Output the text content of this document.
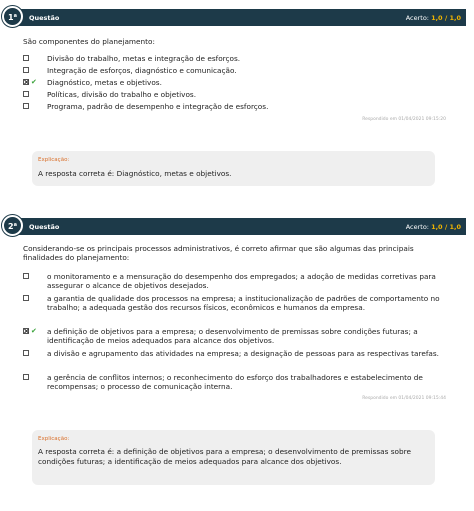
Questão	Acerto: 1,0 / 1,0
1$^a$
São componentes do planejamento:
Divisão do trabalho, metas e integração de esforços.
Integração de esforços, diagnóstico e comunicação.
✔ Diagnóstico, metas e objetivos.
Políticas, divisão do trabalho e objetivos.
Programa, padrão de desempenho e integração de esforços.
Respondido em 01/04/2021 09:15:20
Explicação:
A resposta correta é: Diagnóstico, metas e objetivos.
Questão	Acerto: 1,0 / 1,0
2$^a$
Considerando-se os principais processos administrativos, é correto afirmar que são algumas das principais finalidades do planejamento:
o monitoramento e a mensuração do desempenho dos empregados; a adoção de medidas corretivas para assegurar o alcance de objetivos desejados.
a garantia de qualidade dos processos na empresa; a institucionalização de padrões de comportamento no trabalho; a adequada gestão dos recursos físicos, econômicos e humanos da empresa.
✔ a definição de objetivos para a empresa; o desenvolvimento de premissas sobre condições futuras; a identificação de meios adequados para alcance dos objetivos.
a divisão e agrupamento das atividades na empresa; a designação de pessoas para as respectivas tarefas.
a gerência de conflitos internos; o reconhecimento do esforço dos trabalhadores e estabelecimento de recompensas; o processo de comunicação interna.
Respondido em 01/04/2021 09:15:44
Explicação:
A resposta correta é: a definição de objetivos para a empresa; o desenvolvimento de premissas sobre condições futuras; a identificação de meios adequados para alcance dos objetivos.
